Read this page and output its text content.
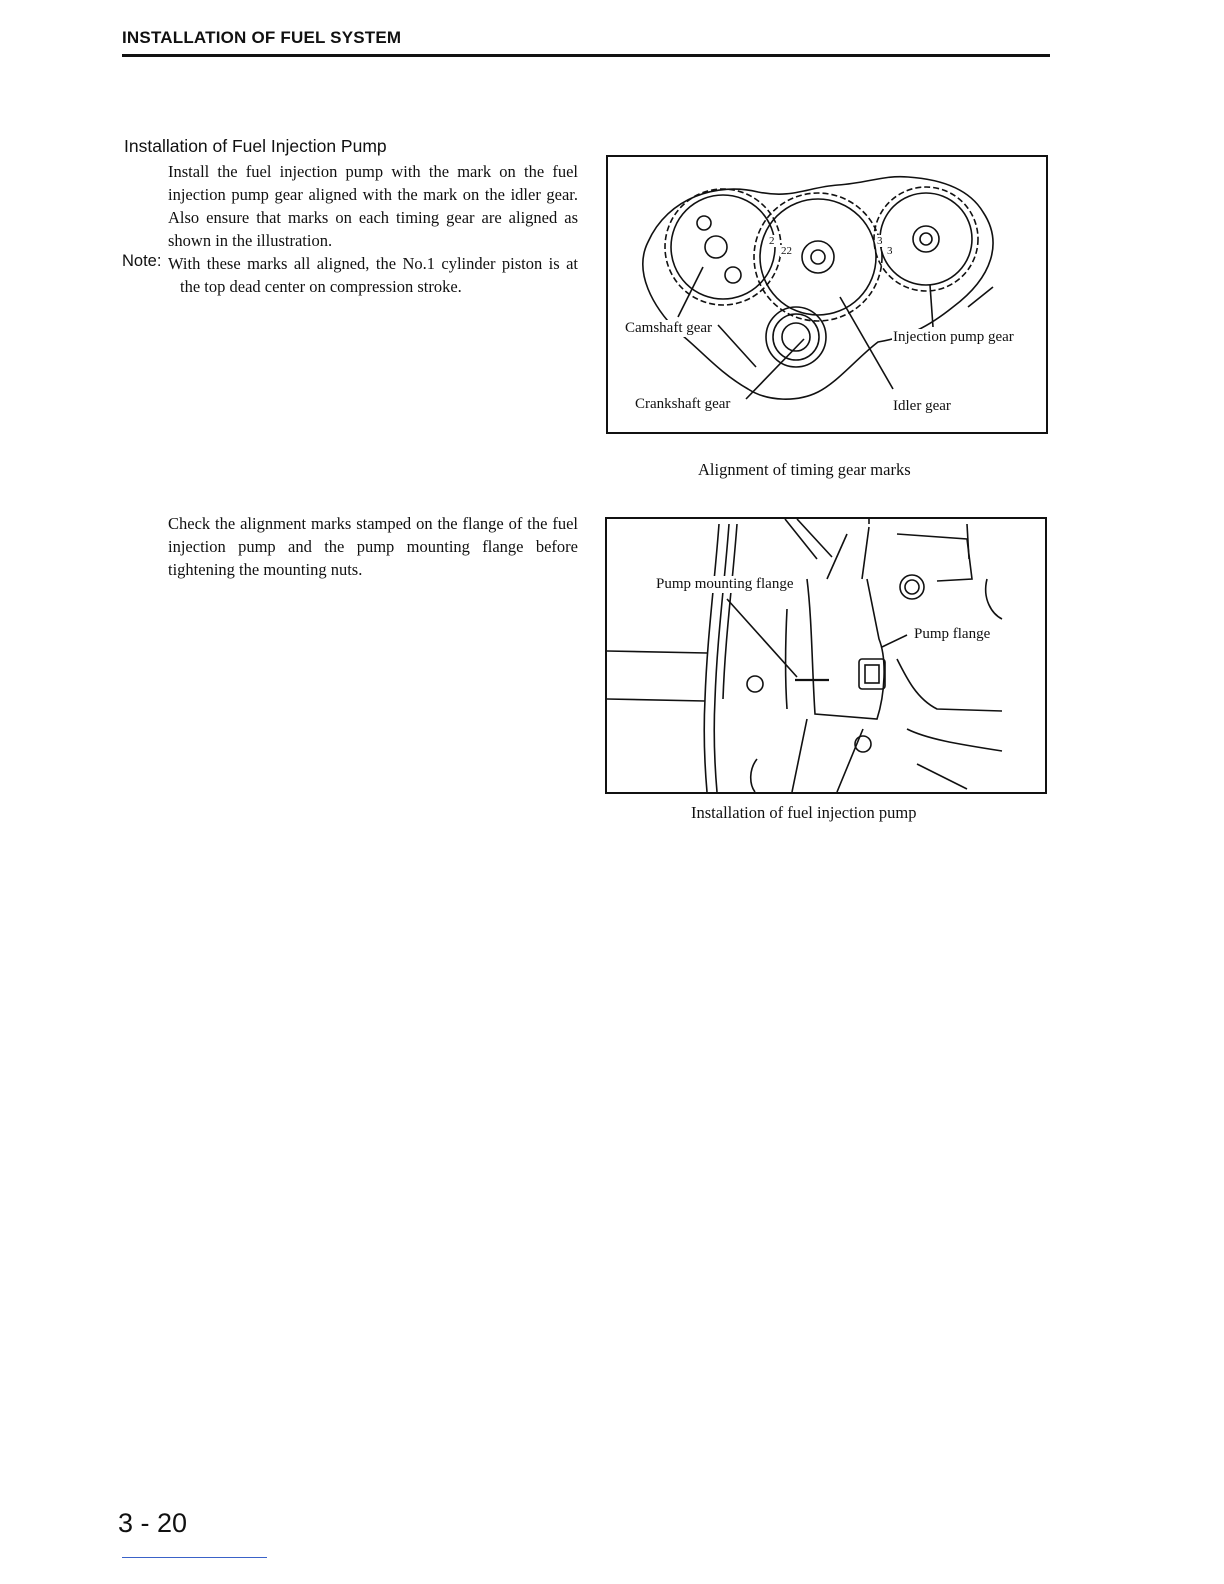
INSTALLATION OF FUEL SYSTEM
Installation of Fuel Injection Pump
Install the fuel injection pump with the mark on the fuel injection pump gear aligned with the mark on the idler gear. Also ensure that marks on each timing gear are aligned as shown in the illustration.
Note: With these marks all aligned, the No.1 cylinder piston is at the top dead center on compression stroke.
Check the alignment marks stamped on the flange of the fuel injection pump and the pump mounting flange before tightening the mounting nuts.
2
22
3
3
Camshaft gear
Injection pump gear
Crankshaft gear	Idler gear
Alignment of timing gear marks
Pump mounting flange
Pump flange
Installation of fuel injection pump
3 - 20
